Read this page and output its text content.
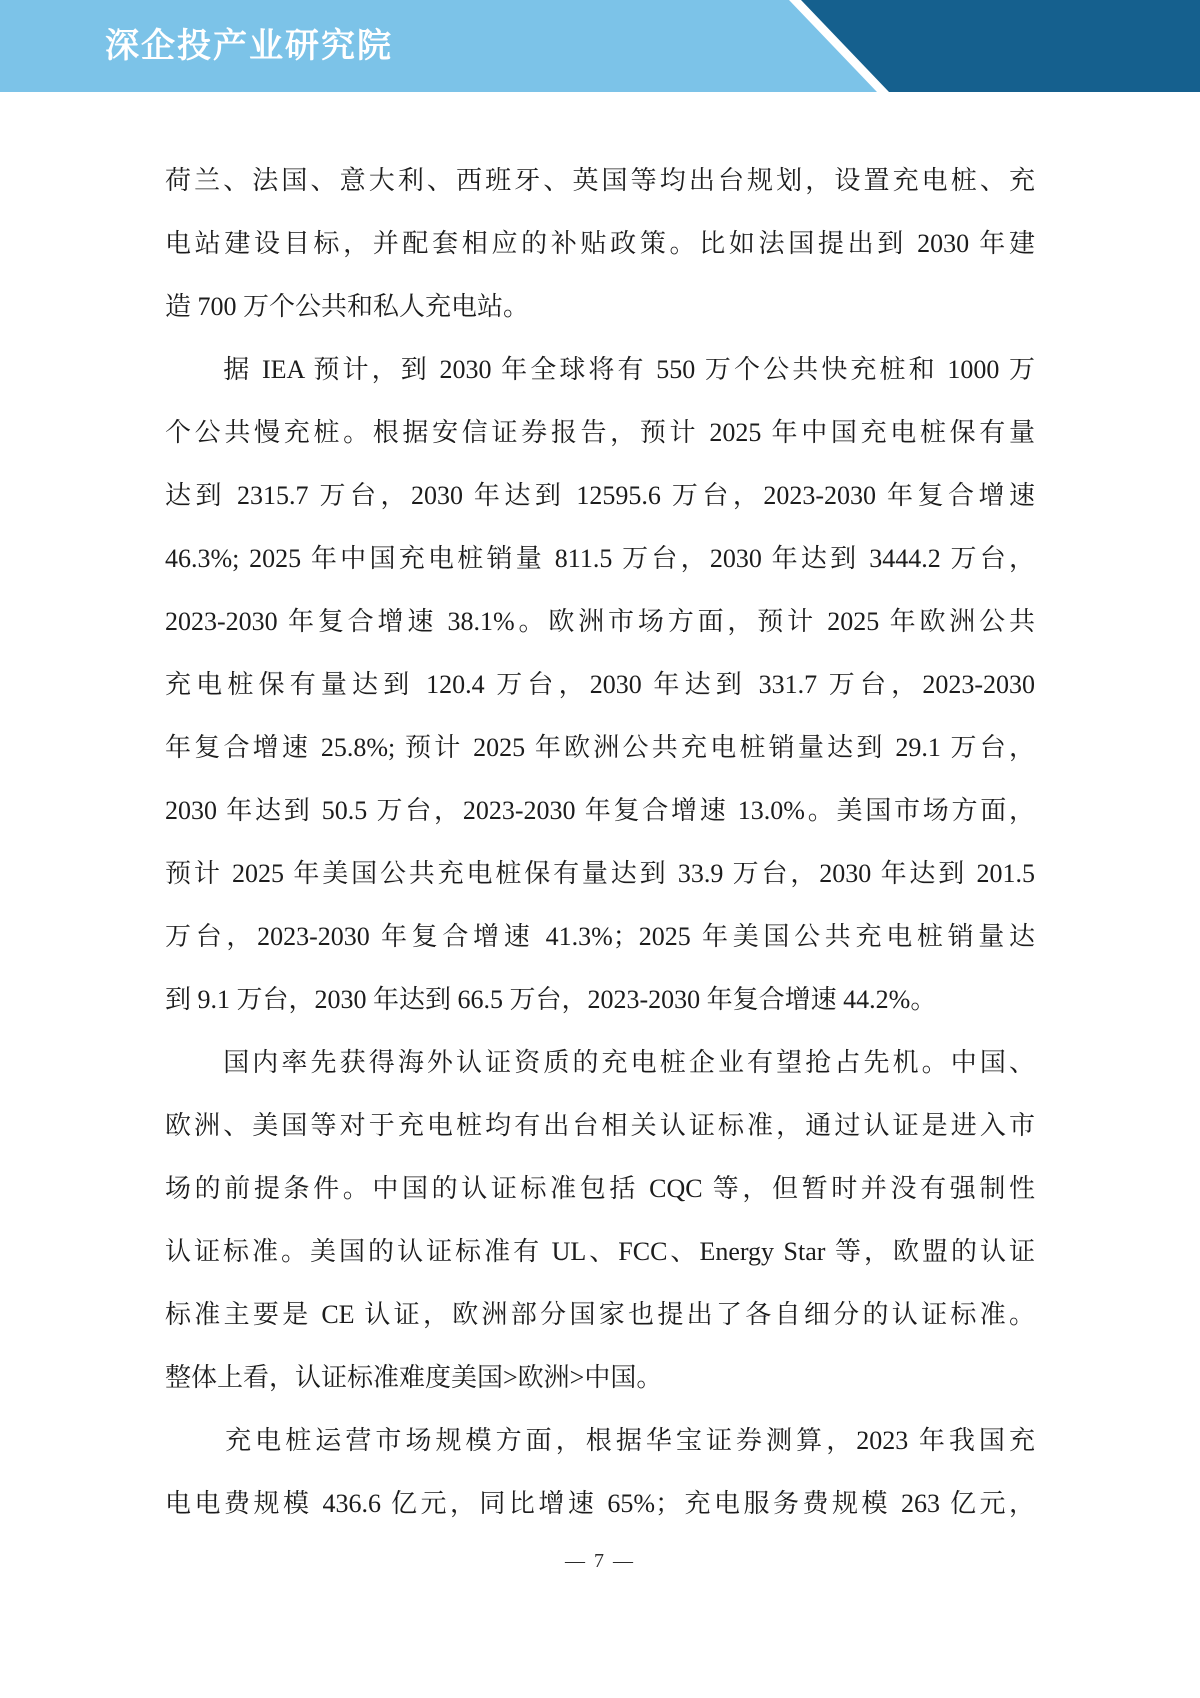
深企投产业研究院
荷兰、法国、意大利、西班牙、英国等均出台规划，设置充电桩、充
电站建设目标，并配套相应的补贴政策。比如法国提出到 2030 年建
造 700 万个公共和私人充电站。
　　据 IEA 预计，到 2030 年全球将有 550 万个公共快充桩和 1000 万
个公共慢充桩。根据安信证券报告，预计 2025 年中国充电桩保有量
达到 2315.7 万台，2030 年达到 12595.6 万台，2023-2030 年复合增速
46.3%; 2025 年中国充电桩销量 811.5 万台，2030 年达到 3444.2 万台，
2023-2030 年复合增速 38.1%。欧洲市场方面，预计 2025 年欧洲公共
充电桩保有量达到 120.4 万台，2030 年达到 331.7 万台，2023-2030
年复合增速 25.8%; 预计 2025 年欧洲公共充电桩销量达到 29.1 万台，
2030 年达到 50.5 万台，2023-2030 年复合增速 13.0%。美国市场方面，
预计 2025 年美国公共充电桩保有量达到 33.9 万台，2030 年达到 201.5
万台，2023-2030 年复合增速 41.3%；2025 年美国公共充电桩销量达
到 9.1 万台，2030 年达到 66.5 万台，2023-2030 年复合增速 44.2%。
　　国内率先获得海外认证资质的充电桩企业有望抢占先机。中国、
欧洲、美国等对于充电桩均有出台相关认证标准，通过认证是进入市
场的前提条件。中国的认证标准包括 CQC 等，但暂时并没有强制性
认证标准。美国的认证标准有 UL、FCC、Energy Star 等，欧盟的认证
标准主要是 CE 认证，欧洲部分国家也提出了各自细分的认证标准。
整体上看，认证标准难度美国>欧洲>中国。
　　充电桩运营市场规模方面，根据华宝证券测算，2023 年我国充
电电费规模 436.6 亿元，同比增速 65%；充电服务费规模 263 亿元，
— 7 —
